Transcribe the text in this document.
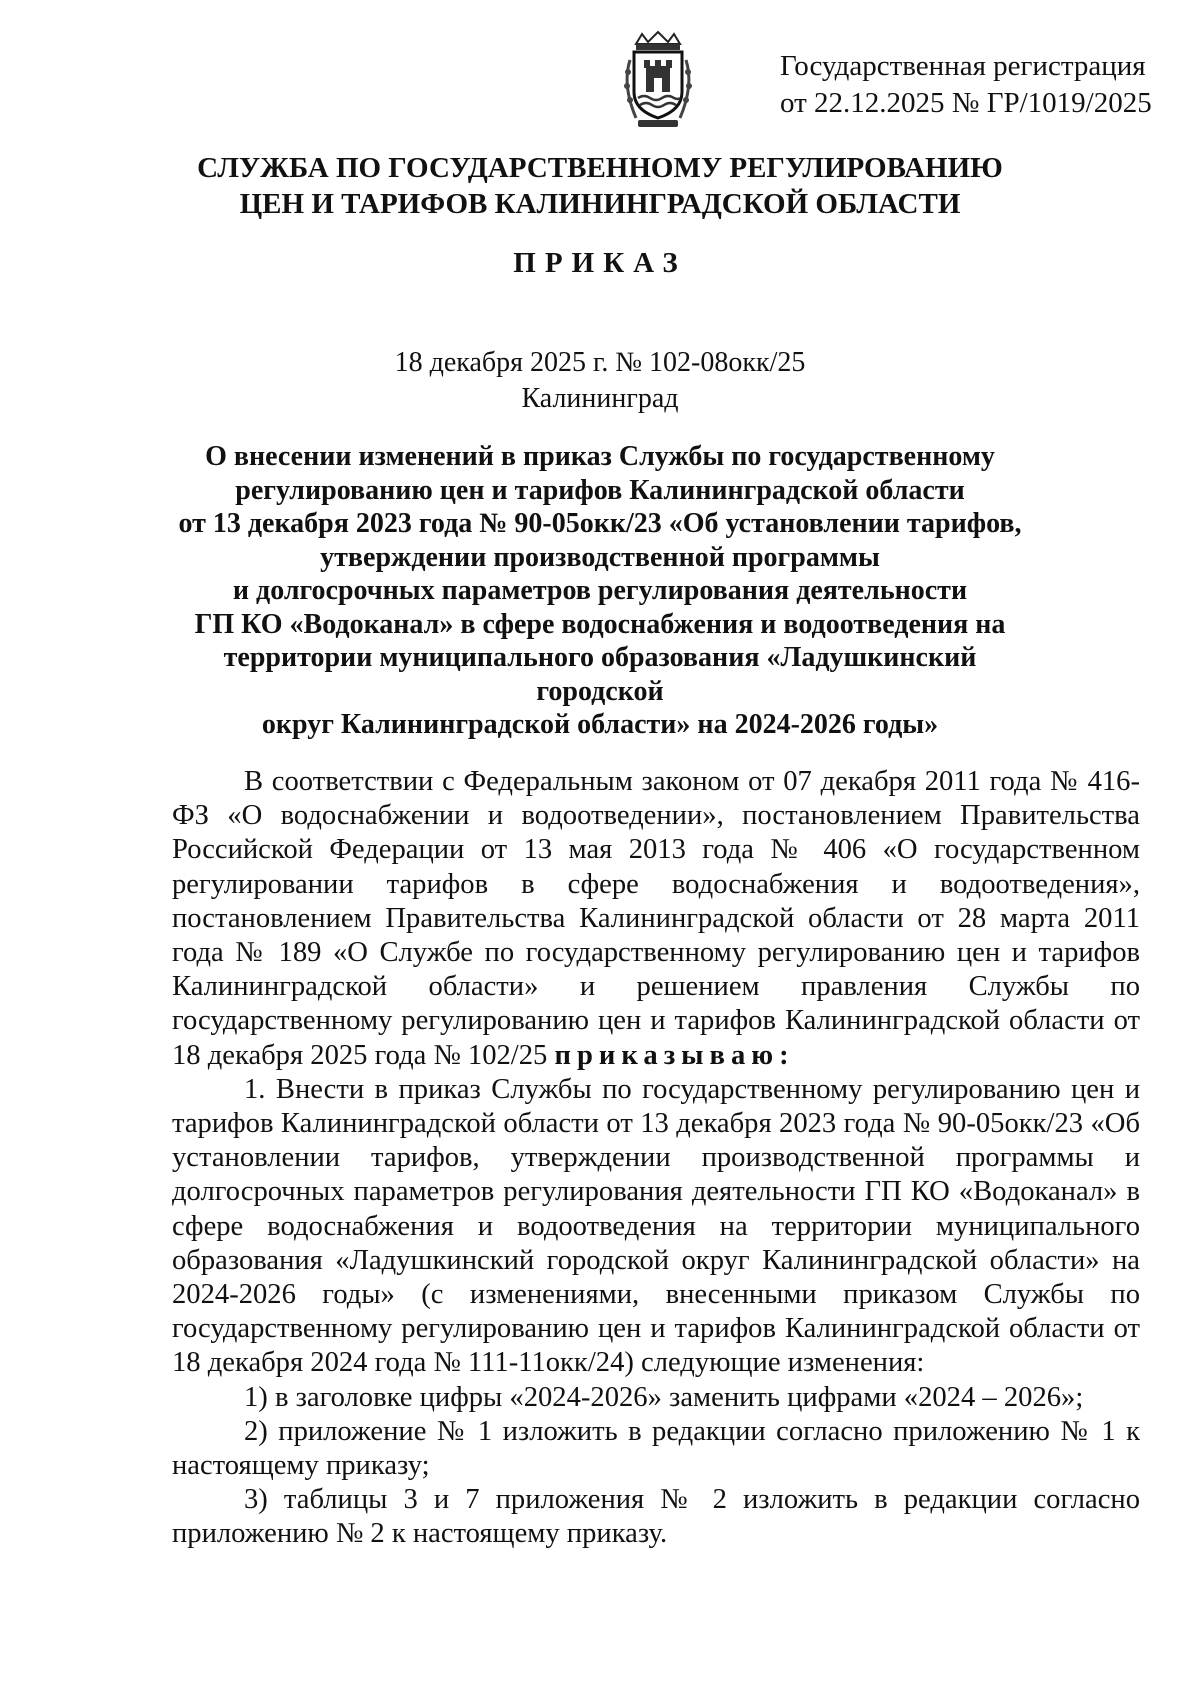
Государственная регистрация
от 22.12.2025 № ГР/1019/2025
СЛУЖБА ПО ГОСУДАРСТВЕННОМУ РЕГУЛИРОВАНИЮ
ЦЕН И ТАРИФОВ КАЛИНИНГРАДСКОЙ ОБЛАСТИ
ПРИКАЗ
18 декабря 2025 г. № 102-08окк/25
Калининград
О внесении изменений в приказ Службы по государственному
регулированию цен и тарифов Калининградской области
от 13 декабря 2023 года № 90-05окк/23 «Об установлении тарифов,
утверждении производственной программы
и долгосрочных параметров регулирования деятельности
ГП КО «Водоканал» в сфере водоснабжения и водоотведения на
территории муниципального образования «Ладушкинский городской
округ Калининградской области» на 2024-2026 годы»

В соответствии с Федеральным законом от 07 декабря 2011 года № 416-ФЗ «О водоснабжении и водоотведении», постановлением Правительства Российской Федерации от 13 мая 2013 года № 406 «О государственном регулировании тарифов в сфере водоснабжения и водоотведения», постановлением Правительства Калининградской области от 28 марта 2011 года № 189 «О Службе по государственному регулированию цен и тарифов Калининградской области» и решением правления Службы по государственному регулированию цен и тарифов Калининградской области от 18 декабря 2025 года № 102/25 приказываю:

1. Внести в приказ Службы по государственному регулированию цен и тарифов Калининградской области от 13 декабря 2023 года № 90-05окк/23 «Об установлении тарифов, утверждении производственной программы и долгосрочных параметров регулирования деятельности ГП КО «Водоканал» в сфере водоснабжения и водоотведения на территории муниципального образования «Ладушкинский городской округ Калининградской области» на 2024-2026 годы» (с изменениями, внесенными приказом Службы по государственному регулированию цен и тарифов Калининградской области от 18 декабря 2024 года № 111-11окк/24) следующие изменения:

1) в заголовке цифры «2024-2026» заменить цифрами «2024 – 2026»;

2) приложение № 1 изложить в редакции согласно приложению № 1 к настоящему приказу;

3) таблицы 3 и 7 приложения № 2 изложить в редакции согласно приложению № 2 к настоящему приказу.
